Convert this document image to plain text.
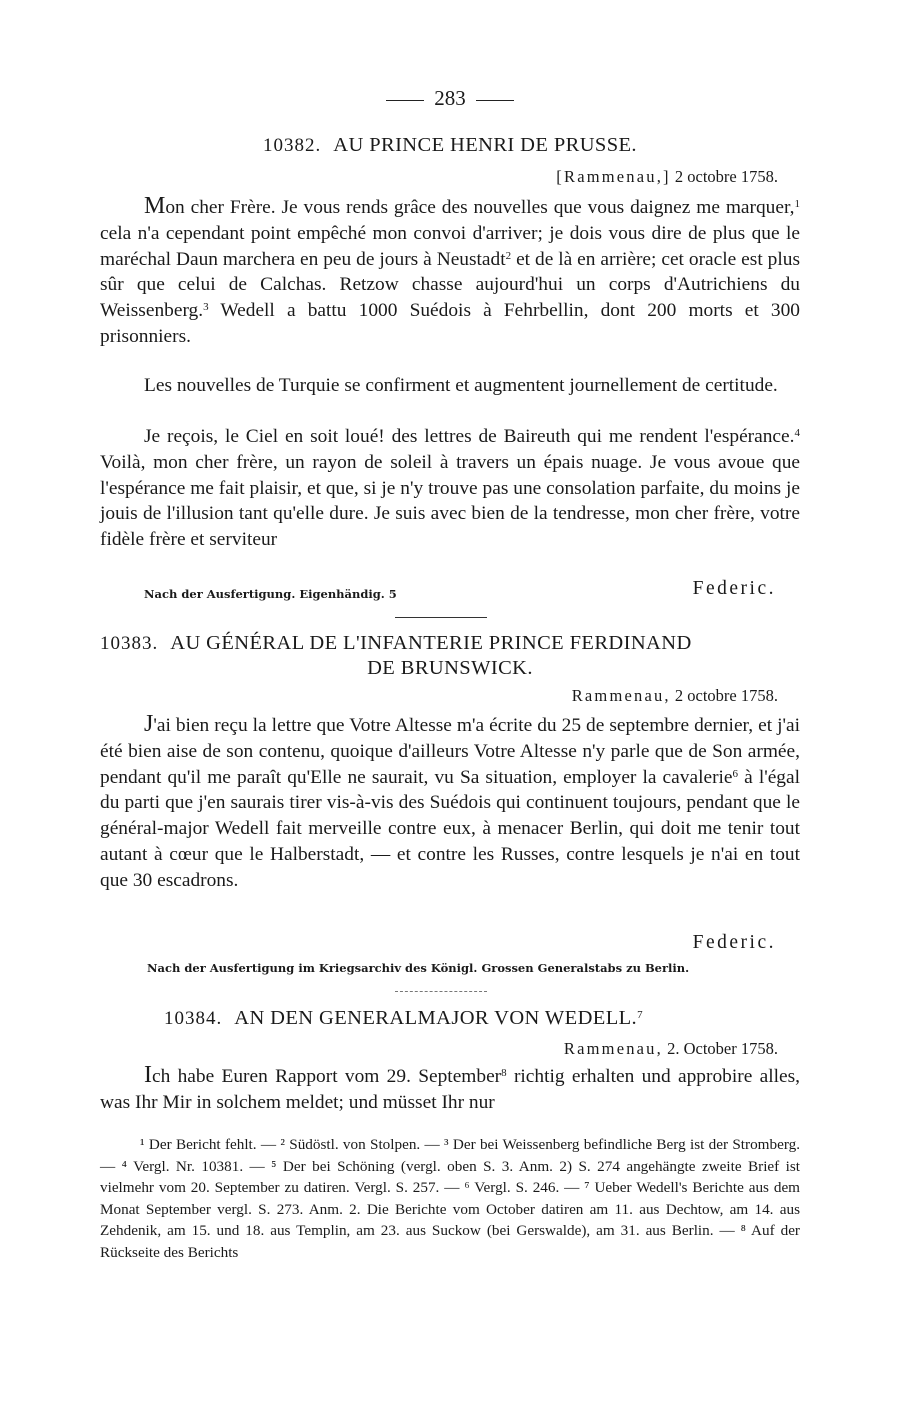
283
10382. AU PRINCE HENRI DE PRUSSE.
[Rammenau,] 2 octobre 1758.
Mon cher Frère. Je vous rends grâce des nouvelles que vous daignez me marquer,$^1$ cela n'a cependant point empêché mon convoi d'arriver; je dois vous dire de plus que le maréchal Daun marchera en peu de jours à Neustadt$^2$ et de là en arrière; cet oracle est plus sûr que celui de Calchas. Retzow chasse aujourd'hui un corps d'Autrichiens du Weissenberg.$^3$ Wedell a battu 1000 Suédois à Fehrbellin, dont 200 morts et 300 prisonniers.
Les nouvelles de Turquie se confirment et augmentent journellement de certitude.
Je reçois, le Ciel en soit loué! des lettres de Baireuth qui me rendent l'espérance.$^4$ Voilà, mon cher frère, un rayon de soleil à travers un épais nuage. Je vous avoue que l'espérance me fait plaisir, et que, si je n'y trouve pas une consolation parfaite, du moins je jouis de l'illusion tant qu'elle dure. Je suis avec bien de la tendresse, mon cher frère, votre fidèle frère et serviteur
Nach der Ausfertigung. Eigenhändig. 5	Federic.
10383. AU GÉNÉRAL DE L'INFANTERIE PRINCE FERDINAND
DE BRUNSWICK.
Rammenau, 2 octobre 1758.
J'ai bien reçu la lettre que Votre Altesse m'a écrite du 25 de septembre dernier, et j'ai été bien aise de son contenu, quoique d'ailleurs Votre Altesse n'y parle que de Son armée, pendant qu'il me paraît qu'Elle ne saurait, vu Sa situation, employer la cavalerie$^6$ à l'égal du parti que j'en saurais tirer vis-à-vis des Suédois qui continuent toujours, pendant que le général-major Wedell fait merveille contre eux, à menacer Berlin, qui doit me tenir tout autant à cœur que le Halberstadt, — et contre les Russes, contre lesquels je n'ai en tout que 30 escadrons.
Federic.
Nach der Ausfertigung im Kriegsarchiv des Königl. Grossen Generalstabs zu Berlin.
10384. AN DEN GENERALMAJOR VON WEDELL.$^7$
Rammenau, 2. October 1758.
Ich habe Euren Rapport vom 29. September$^8$ richtig erhalten und approbire alles, was Ihr Mir in solchem meldet; und müsset Ihr nur
¹ Der Bericht fehlt. — ² Südöstl. von Stolpen. — ³ Der bei Weissenberg befindliche Berg ist der Stromberg. — ⁴ Vergl. Nr. 10381. — ⁵ Der bei Schöning (vergl. oben S. 3. Anm. 2) S. 274 angehängte zweite Brief ist vielmehr vom 20. September zu datiren. Vergl. S. 257. — ⁶ Vergl. S. 246. — ⁷ Ueber Wedell's Berichte aus dem Monat September vergl. S. 273. Anm. 2. Die Berichte vom October datiren am 11. aus Dechtow, am 14. aus Zehdenik, am 15. und 18. aus Templin, am 23. aus Suckow (bei Gerswalde), am 31. aus Berlin. — ⁸ Auf der Rückseite des Berichts
